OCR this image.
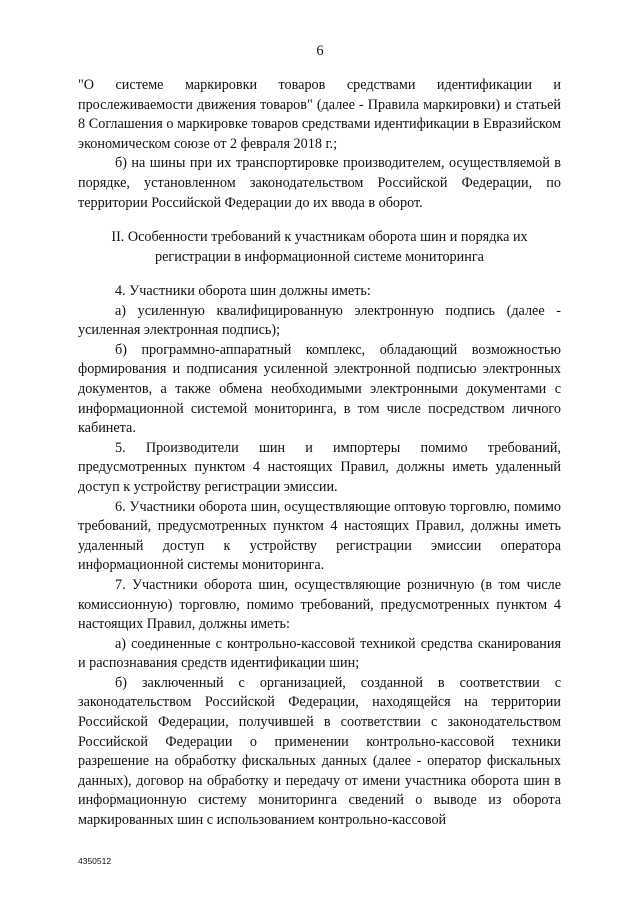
6

"О системе маркировки товаров средствами идентификации и прослеживаемости движения товаров" (далее - Правила маркировки) и статьей 8 Соглашения о маркировке товаров средствами идентификации в Евразийском экономическом союзе от 2 февраля 2018 г.;

б) на шины при их транспортировке производителем, осуществляемой в порядке, установленном законодательством Российской Федерации, по территории Российской Федерации до их ввода в оборот.

II. Особенности требований к участникам оборота шин и порядка их

регистрации в информационной системе мониторинга

4. Участники оборота шин должны иметь:

а) усиленную квалифицированную электронную подпись (далее - усиленная электронная подпись);

б) программно-аппаратный комплекс, обладающий возможностью формирования и подписания усиленной электронной подписью электронных документов, а также обмена необходимыми электронными документами с информационной системой мониторинга, в том числе посредством личного кабинета.

5. Производители шин и импортеры помимо требований, предусмотренных пунктом 4 настоящих Правил, должны иметь удаленный доступ к устройству регистрации эмиссии.

6. Участники оборота шин, осуществляющие оптовую торговлю, помимо требований, предусмотренных пунктом 4 настоящих Правил, должны иметь удаленный доступ к устройству регистрации эмиссии оператора информационной системы мониторинга.

7. Участники оборота шин, осуществляющие розничную (в том числе комиссионную) торговлю, помимо требований, предусмотренных пунктом 4 настоящих Правил, должны иметь:

а) соединенные с контрольно-кассовой техникой средства сканирования и распознавания средств идентификации шин;

б) заключенный с организацией, созданной в соответствии с законодательством Российской Федерации, находящейся на территории Российской Федерации, получившей в соответствии с законодательством Российской Федерации о применении контрольно-кассовой техники разрешение на обработку фискальных данных (далее - оператор фискальных данных), договор на обработку и передачу от имени участника оборота шин в информационную систему мониторинга сведений о выводе из оборота маркированных шин с использованием контрольно-кассовой

4350512
